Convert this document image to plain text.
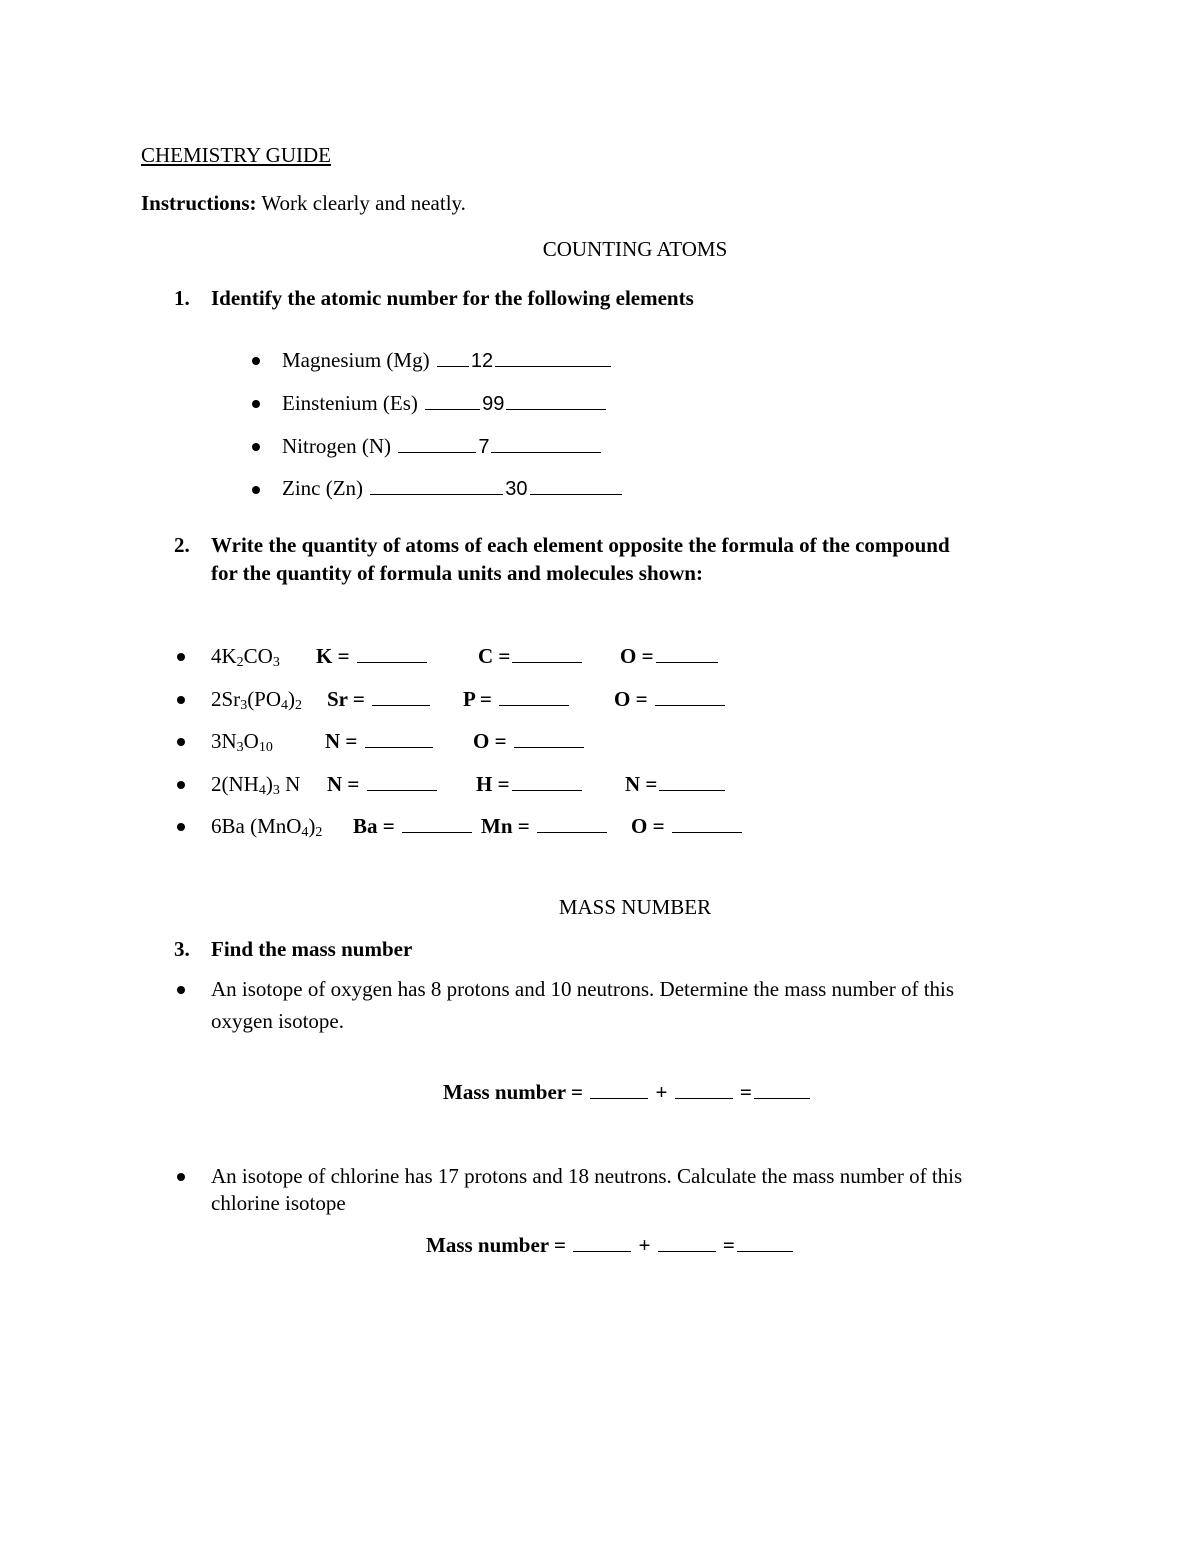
CHEMISTRY GUIDE
Instructions: Work clearly and neatly.
COUNTING ATOMS
1. Identify the atomic number for the following elements
Magnesium (Mg) 12
Einstenium (Es)	99
Nitrogen (N)	7
Zinc (Zn)	30
2. Write the quantity of atoms of each element opposite the formula of the compound
for the quantity of formula units and molecules shown:
$4K_2CO_3$ K =	C =	O =
$2Sr_3(PO_4)_2$ Sr =	P =	O =
$3N_3O_{10}$ N =	O =
$2(NH_4)_3$ N N =	H =	N =
6Ba $(MnO_4)_2$ Ba =	Mn =	O =
MASS NUMBER
3. Find the mass number
An isotope of oxygen has 8 protons and 10 neutrons. Determine the mass number of this
oxygen isotope.
Mass number =	+	=
An isotope of chlorine has 17 protons and 18 neutrons. Calculate the mass number of this
chlorine isotope
Mass number =	+	=
